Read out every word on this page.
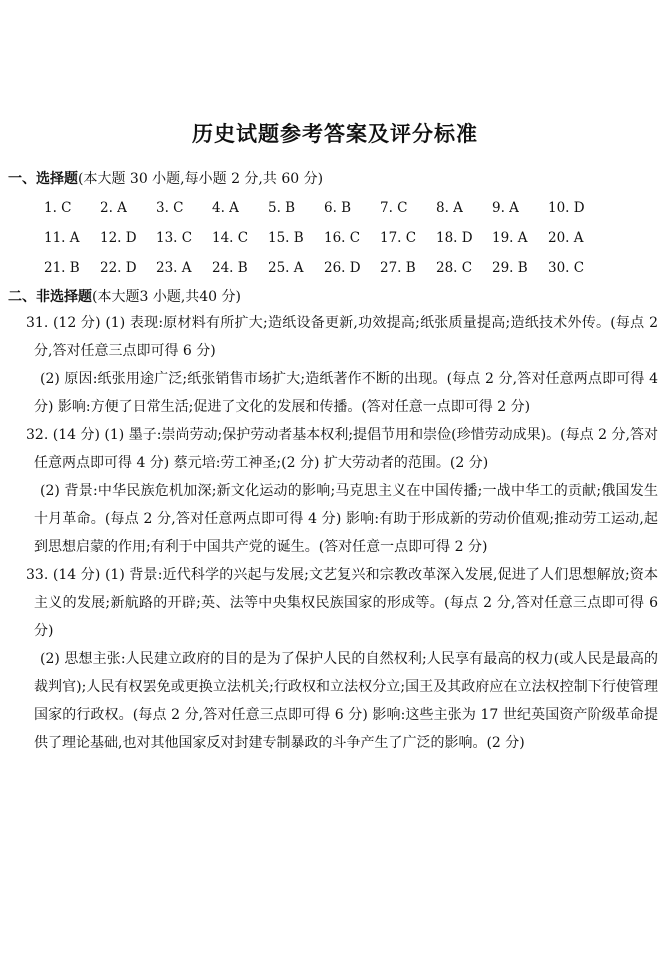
历史试题参考答案及评分标准
一、选择题(本大题 30 小题,每小题 2 分,共 60 分)
1. C	2. A	3. C	4. A	5. B	6. B	7. C	8. A	9. A	10. D
11. A	12. D	13. C	14. C	15. B	16. C	17. C	18. D	19. A	20. A
21. B	22. D	23. A	24. B	25. A	26. D	27. B	28. C	29. B	30. C
二、非选择题(本大题3 小题,共40 分)

31. (12 分) (1) 表现:原材料有所扩大;造纸设备更新,功效提高;纸张质量提高;造纸技术外传。(每点 2 分,答对任意三点即可得 6 分)

(2) 原因:纸张用途广泛;纸张销售市场扩大;造纸著作不断的出现。(每点 2 分,答对任意两点即可得 4 分) 影响:方便了日常生活;促进了文化的发展和传播。(答对任意一点即可得 2 分)

32. (14 分) (1) 墨子:崇尚劳动;保护劳动者基本权利;提倡节用和崇俭(珍惜劳动成果)。(每点 2 分,答对任意两点即可得 4 分) 蔡元培:劳工神圣;(2 分) 扩大劳动者的范围。(2 分)

(2) 背景:中华民族危机加深;新文化运动的影响;马克思主义在中国传播;一战中华工的贡献;俄国发生十月革命。(每点 2 分,答对任意两点即可得 4 分) 影响:有助于形成新的劳动价值观;推动劳工运动,起到思想启蒙的作用;有利于中国共产党的诞生。(答对任意一点即可得 2 分)

33. (14 分) (1) 背景:近代科学的兴起与发展;文艺复兴和宗教改革深入发展,促进了人们思想解放;资本主义的发展;新航路的开辟;英、法等中央集权民族国家的形成等。(每点 2 分,答对任意三点即可得 6 分)

(2) 思想主张:人民建立政府的目的是为了保护人民的自然权利;人民享有最高的权力(或人民是最高的裁判官);人民有权罢免或更换立法机关;行政权和立法权分立;国王及其政府应在立法权控制下行使管理国家的行政权。(每点 2 分,答对任意三点即可得 6 分) 影响:这些主张为 17 世纪英国资产阶级革命提供了理论基础,也对其他国家反对封建专制暴政的斗争产生了广泛的影响。(2 分)
